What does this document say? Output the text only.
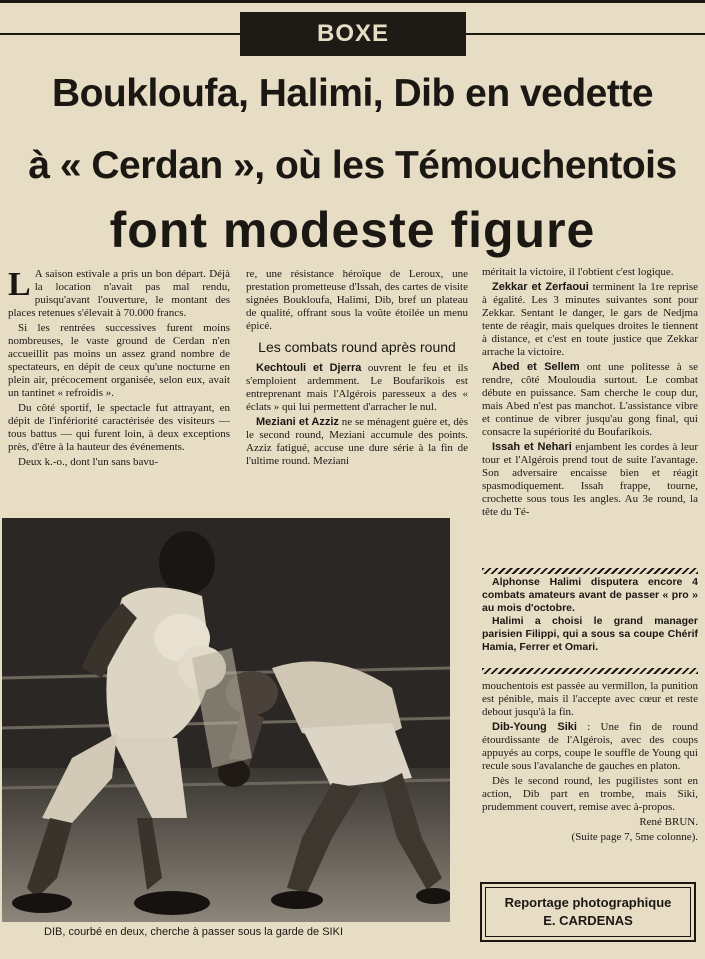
BOXE
Boukloufa, Halimi, Dib en vedette
à « Cerdan », où les Témouchentois
font modeste figure

L A saison estivale a pris un bon départ. Déjà la location n'avait pas mal rendu, puisqu'avant l'ouverture, le montant des places retenues s'élevait à 70.000 francs.

Si les rentrées successives furent moins nombreuses, le vaste ground de Cerdan n'en accueillit pas moins un assez grand nombre de spectateurs, en dépit de ceux qu'une nocturne en plein air, précocement organisée, selon eux, avait un tantinet « refroidis ».

Du côté sportif, le spectacle fut attrayant, en dépit de l'infériorité caractérisée des visiteurs — tous battus — qui furent loin, à deux exceptions près, d'être à la hauteur des événements.

Deux k.-o., dont l'un sans bavu-

re, une résistance héroïque de Leroux, une prestation prometteuse d'Issah, des cartes de visite signées Boukloufa, Halimi, Dib, bref un plateau de qualité, offrant sous la voûte étoilée un menu épicé.

Les combats round après round

Kechtouli et Djerra ouvrent le feu et ils s'emploient ardemment. Le Boufarikois est entreprenant mais l'Algérois paresseux a des « éclats » qui lui permettent d'arracher le nul.

Meziani et Azziz ne se ménagent guère et, dès le second round, Meziani accumule des points. Azziz fatigué, accuse une dure série à la fin de l'ultime round. Meziani

méritait la victoire, il l'obtient c'est logique.

Zekkar et Zerfaoui terminent la 1re reprise à égalité. Les 3 minutes suivantes sont pour Zekkar. Sentant le danger, le gars de Nedjma tente de réagir, mais quelques droites le tiennent à distance, et c'est en toute justice que Zekkar arrache la victoire.

Abed et Sellem ont une politesse à se rendre, côté Mouloudia surtout. Le combat débute en puissance. Sam cherche le coup dur, mais Abed n'est pas manchot. L'assistance vibre et continue de vibrer jusqu'au gong final, qui consacre la supériorité du Boufarikois.

Issah et Nehari enjambent les cordes à leur tour et l'Algérois prend tout de suite l'avantage. Son adversaire encaisse bien et réagit spasmodiquement. Issah frappe, tourne, crochette sous tous les angles. Au 3e round, la tête du Té-

Alphonse Halimi disputera encore 4 combats amateurs avant de passer « pro » au mois d'octobre.

Halimi a choisi le grand manager parisien Filippi, qui a sous sa coupe Chérif Hamia, Ferrer et Omari.

mouchentois est passée au vermillon, la punition est pénible, mais il l'accepte avec cœur et reste debout jusqu'à la fin.

Dib-Young Siki : Une fin de round étourdissante de l'Algérois, avec des coups appuyés au corps, coupe le souffle de Young qui recule sous l'avalanche de gauches en platon.

Dès le second round, les pugilistes sont en action, Dib part en trombe, mais Siki, prudemment couvert, remise avec à-propos.

René BRUN.
(Suite page 7, 5me colonne).
Reportage photographique
E. CARDENAS
DIB, courbé en deux, cherche à passer sous la garde de SIKI
